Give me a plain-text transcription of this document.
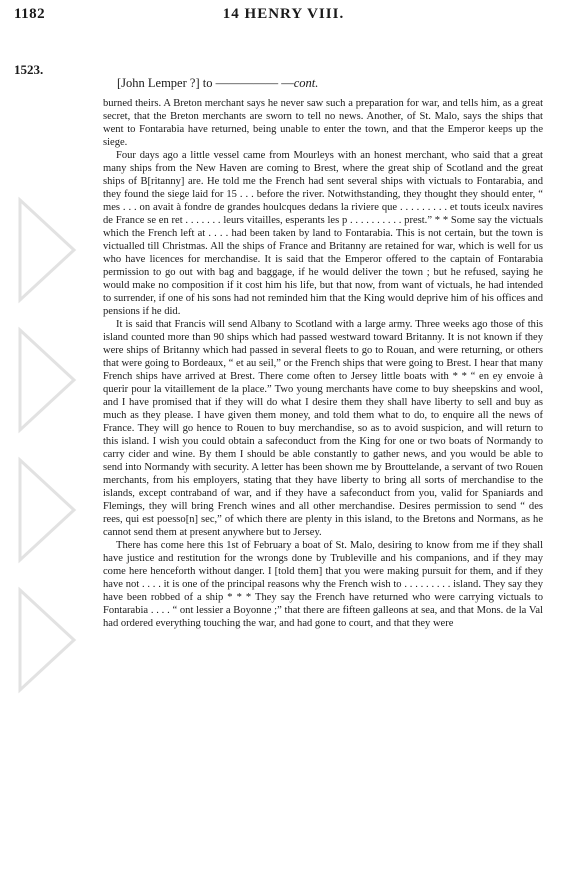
1182	14 HENRY VIII.
1523.
[John Lemper ?] to ————— —cont.

burned theirs. A Breton merchant says he never saw such a preparation for war, and tells him, as a great secret, that the Breton merchants are sworn to tell no news. Another, of St. Malo, says the ships that went to Fontarabia have returned, being unable to enter the town, and that the Emperor keeps up the siege.

Four days ago a little vessel came from Mourleys with an honest merchant, who said that a great many ships from the New Haven are coming to Brest, where the great ship of Scotland and the great ships of B[ritanny] are. He told me the French had sent several ships with victuals to Fontarabia, and they found the siege laid for 15 . . . before the river. Notwithstanding, they thought they should enter, “ mes . . . on avait à fondre de grandes houlcques dedans la riviere que . . . . . . . . . et touts iceulx navires de France se en ret . . . . . . . leurs vitailles, esperants les p . . . . . . . . . . prest.” * * Some say the victuals which the French left at . . . . had been taken by land to Fontarabia. This is not certain, but the town is victualled till Christmas. All the ships of France and Britanny are retained for war, which is well for us who have licences for merchandise. It is said that the Emperor offered to the captain of Fontarabia permission to go out with bag and baggage, if he would deliver the town ; but he refused, saying he would make no composition if it cost him his life, but that now, from want of victuals, he had intended to surrender, if one of his sons had not reminded him that the King would deprive him of his offices and pensions if he did.

It is said that Francis will send Albany to Scotland with a large army. Three weeks ago those of this island counted more than 90 ships which had passed westward toward Britanny. It is not known if they were ships of Britanny which had passed in several fleets to go to Rouan, and were returning, or others that were going to Bordeaux, “ et au seil,” or the French ships that were going to Brest. I hear that many French ships have arrived at Brest. There come often to Jersey little boats with * * “ en ey envoie à querir pour la vitaillement de la place.” Two young merchants have come to buy sheepskins and wool, and I have promised that if they will do what I desire them they shall have liberty to sell and buy as much as they please. I have given them money, and told them what to do, to enquire all the news of France. They will go hence to Rouen to buy merchandise, so as to avoid suspicion, and will return to this island. I wish you could obtain a safeconduct from the King for one or two boats of Normandy to carry cider and wine. By them I should be able constantly to gather news, and you would be able to send into Normandy with security. A letter has been shown me by Brouttelande, a servant of two Rouen merchants, from his employers, stating that they have liberty to bring all sorts of merchandise to the islands, except contraband of war, and if they have a safeconduct from you, valid for Spaniards and Flemings, they will bring French wines and all other merchandise. Desires permission to send “ des rees, qui est poesso[n] sec,” of which there are plenty in this island, to the Bretons and Normans, as he cannot send them at present anywhere but to Jersey.

There has come here this 1st of February a boat of St. Malo, desiring to know from me if they shall have justice and restitution for the wrongs done by Trubleville and his companions, and if they may come here henceforth without danger. I [told them] that you were making pursuit for them, and if they have not . . . . it is one of the principal reasons why the French wish to . . . . . . . . . island. They say they have been robbed of a ship * * * They say the French have returned who were carrying victuals to Fontarabia . . . . “ ont lessier a Boyonne ;” that there are fifteen galleons at sea, and that Mons. de la Val had ordered everything touching the war, and had gone to court, and that they were
